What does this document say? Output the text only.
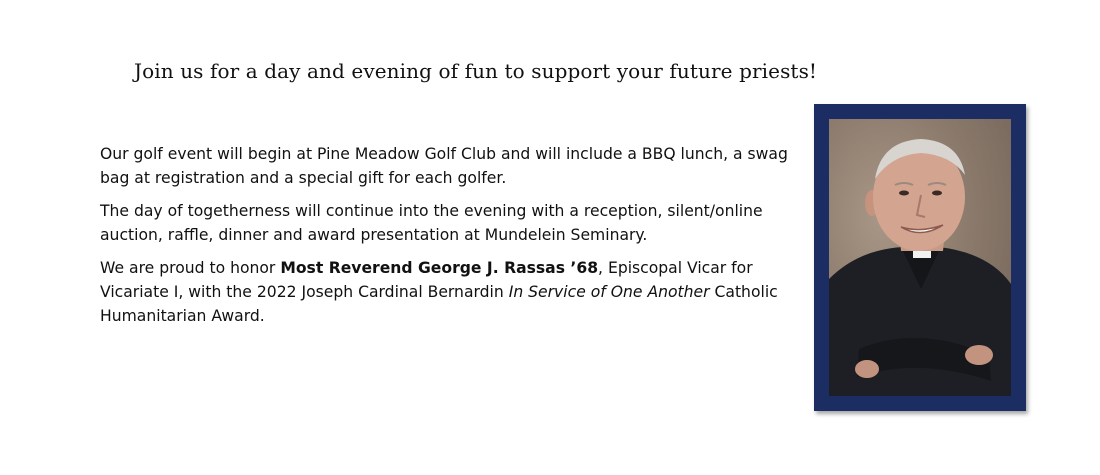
Join us for a day and evening of fun to support your future priests!

Our golf event will begin at Pine Meadow Golf Club and will include a BBQ lunch, a swag bag at registration and a special gift for each golfer.

The day of togetherness will continue into the evening with a reception, silent/online auction, raffle, dinner and award presentation at Mundelein Seminary.

We are proud to honor Most Reverend George J. Rassas ’68, Episcopal Vicar for Vicariate I, with the 2022 Joseph Cardinal Bernardin In Service of One Another Catholic Humanitarian Award.
